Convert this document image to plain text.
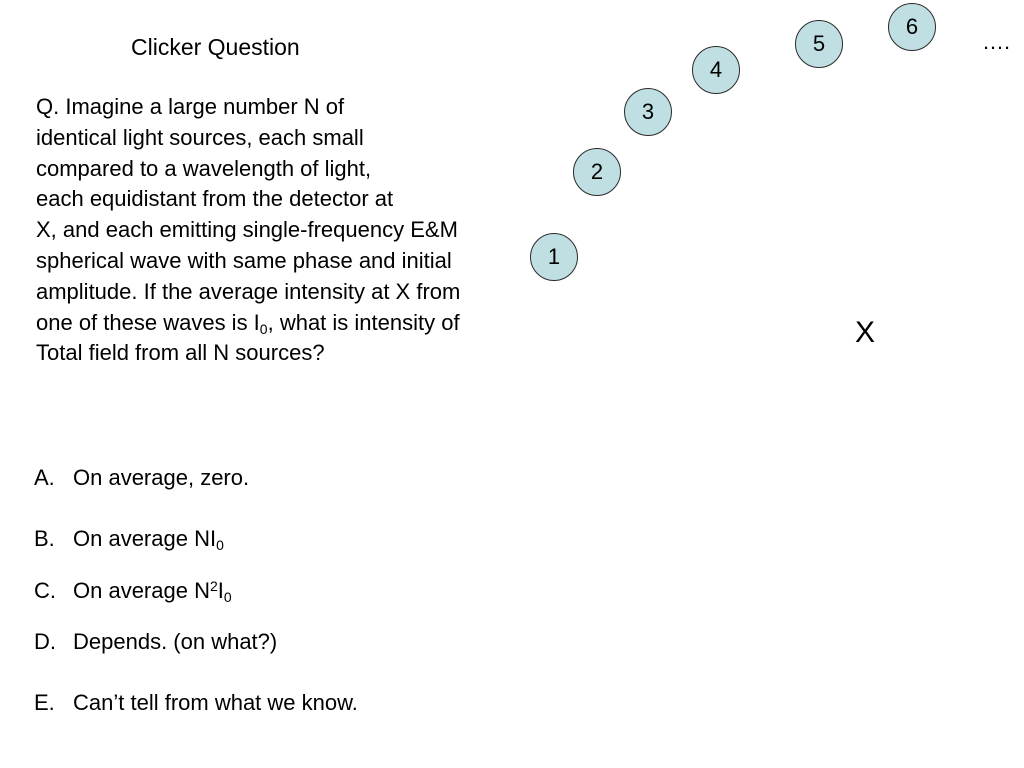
Clicker Question
Q. Imagine a large number N of
identical light sources, each small
compared to a wavelength of light,
each equidistant from the detector at
X, and each emitting single-frequency E&M
spherical wave with same phase and initial
amplitude. If the average intensity at X from
one of these waves is $I_0$, what is intensity of
Total field from all N sources?
A. On average, zero.
B. On average $NI_0$
C. On average $N^2I_0$
D. Depends. (on what?)
E. Can’t tell from what we know.
1
2
3
4
5
6
….
X
